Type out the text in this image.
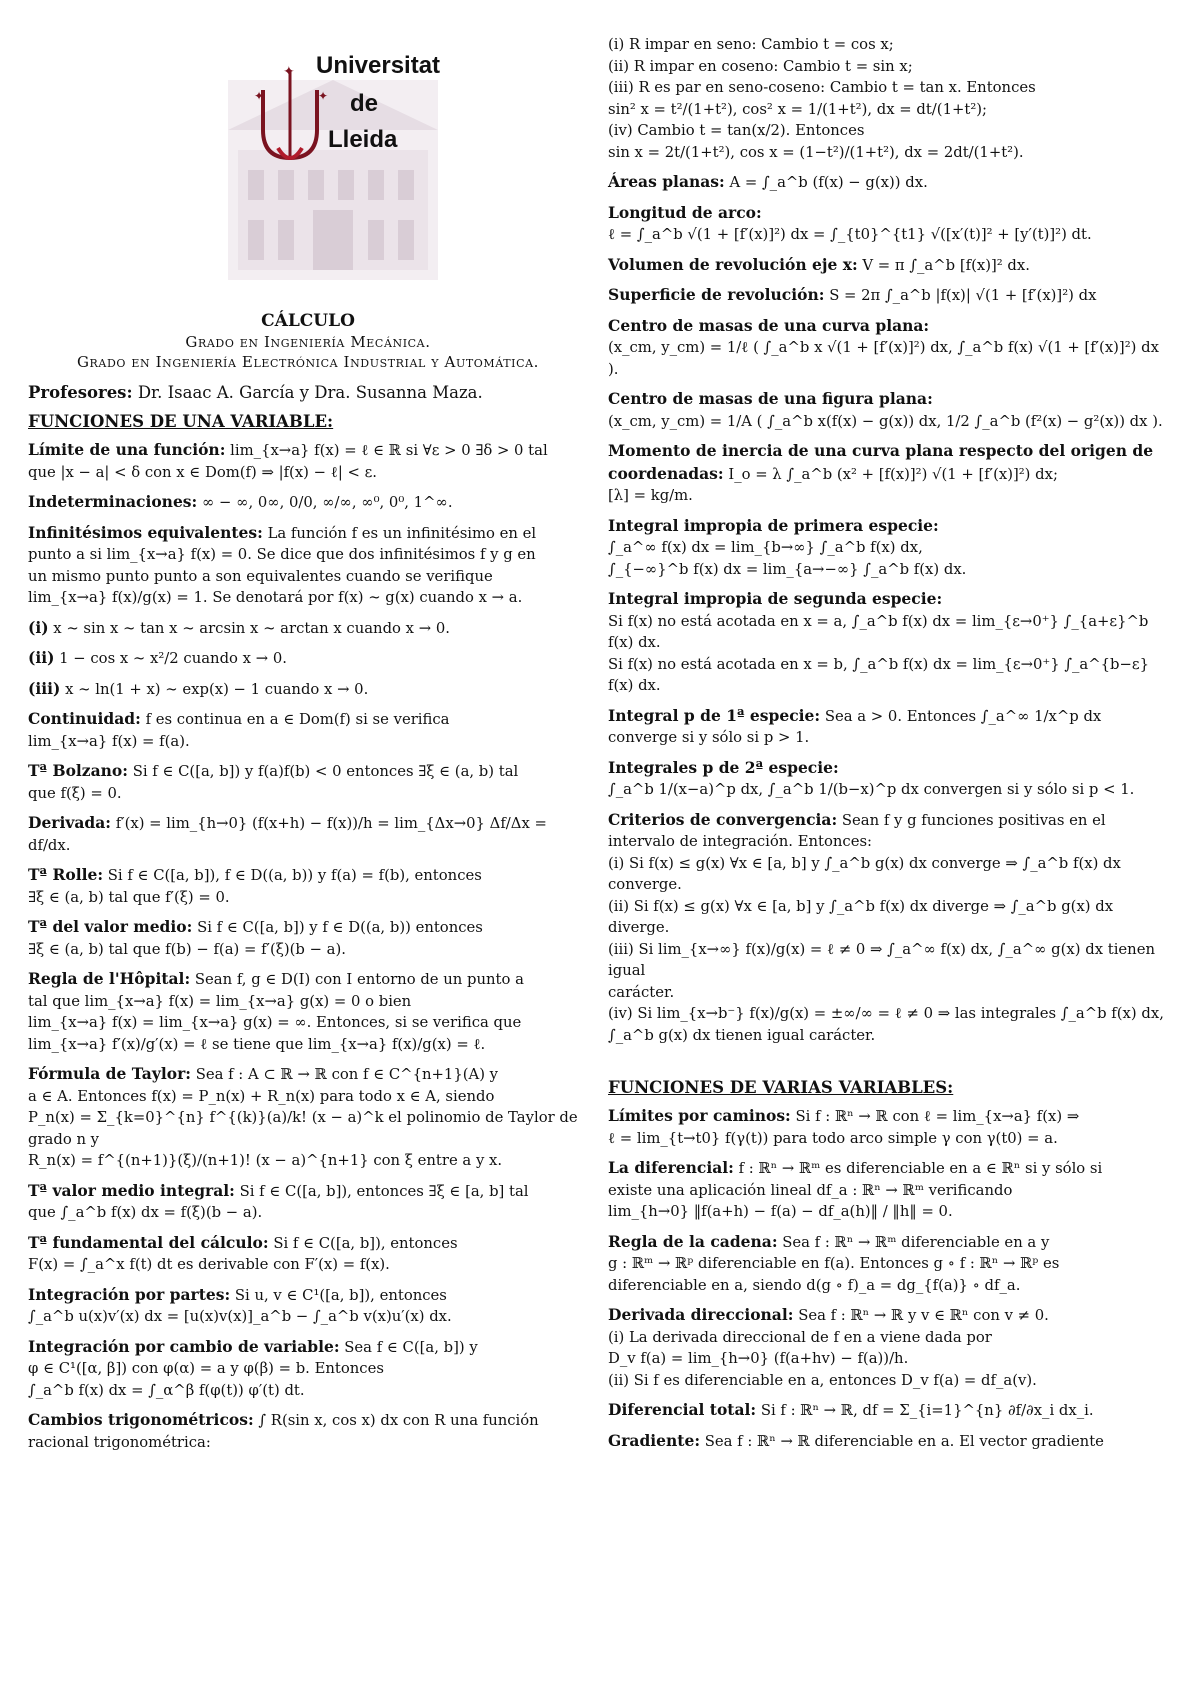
✦
✦	✦
Universitat
de
Lleida

CÁLCULO

Grado en Ingeniería Mecánica.

Grado en Ingeniería Electrónica Industrial y Automática.

Profesores: Dr. Isaac A. García y Dra. Susanna Maza.

FUNCIONES DE UNA VARIABLE:
Límite de una función: lim_{x→a} f(x) = ℓ ∈ ℝ si ∀ε > 0 ∃δ > 0 tal
que |x − a| < δ con x ∈ Dom(f) ⇒ |f(x) − ℓ| < ε.
Indeterminaciones: ∞ − ∞, 0∞, 0/0, ∞/∞, ∞⁰, 0⁰, 1^∞.
Infinitésimos equivalentes: La función f es un infinitésimo en el
punto a si lim_{x→a} f(x) = 0. Se dice que dos infinitésimos f y g en
un mismo punto punto a son equivalentes cuando se verifique
lim_{x→a} f(x)/g(x) = 1. Se denotará por f(x) ∼ g(x) cuando x → a.
(i) x ∼ sin x ∼ tan x ∼ arcsin x ∼ arctan x cuando x → 0.
(ii) 1 − cos x ∼ x²/2 cuando x → 0.
(iii) x ∼ ln(1 + x) ∼ exp(x) − 1 cuando x → 0.
Continuidad: f es continua en a ∈ Dom(f) si se verifica
lim_{x→a} f(x) = f(a).
Tª Bolzano: Si f ∈ C([a, b]) y f(a)f(b) < 0 entonces ∃ξ ∈ (a, b) tal
que f(ξ) = 0.
Derivada: f′(x) = lim_{h→0} (f(x+h) − f(x))/h = lim_{Δx→0} Δf/Δx = df/dx.
Tª Rolle: Si f ∈ C([a, b]), f ∈ D((a, b)) y f(a) = f(b), entonces
∃ξ ∈ (a, b) tal que f′(ξ) = 0.
Tª del valor medio: Si f ∈ C([a, b]) y f ∈ D((a, b)) entonces
∃ξ ∈ (a, b) tal que f(b) − f(a) = f′(ξ)(b − a).
Regla de l'Hôpital: Sean f, g ∈ D(I) con I entorno de un punto a
tal que lim_{x→a} f(x) = lim_{x→a} g(x) = 0 o bien
lim_{x→a} f(x) = lim_{x→a} g(x) = ∞. Entonces, si se verifica que
lim_{x→a} f′(x)/g′(x) = ℓ se tiene que lim_{x→a} f(x)/g(x) = ℓ.
Fórmula de Taylor: Sea f : A ⊂ ℝ → ℝ con f ∈ C^{n+1}(A) y
a ∈ A. Entonces f(x) = P_n(x) + R_n(x) para todo x ∈ A, siendo
P_n(x) = Σ_{k=0}^{n} f^{(k)}(a)/k! (x − a)^k el polinomio de Taylor de grado n y
R_n(x) = f^{(n+1)}(ξ)/(n+1)! (x − a)^{n+1} con ξ entre a y x.
Tª valor medio integral: Si f ∈ C([a, b]), entonces ∃ξ ∈ [a, b] tal
que ∫_a^b f(x) dx = f(ξ)(b − a).
Tª fundamental del cálculo: Si f ∈ C([a, b]), entonces
F(x) = ∫_a^x f(t) dt es derivable con F′(x) = f(x).
Integración por partes: Si u, v ∈ C¹([a, b]), entonces
∫_a^b u(x)v′(x) dx = [u(x)v(x)]_a^b − ∫_a^b v(x)u′(x) dx.
Integración por cambio de variable: Sea f ∈ C([a, b]) y
φ ∈ C¹([α, β]) con φ(α) = a y φ(β) = b. Entonces
∫_a^b f(x) dx = ∫_α^β f(φ(t)) φ′(t) dt.
Cambios trigonométricos: ∫ R(sin x, cos x) dx con R una función
racional trigonométrica:
(i) R impar en seno: Cambio t = cos x;
(ii) R impar en coseno: Cambio t = sin x;
(iii) R es par en seno-coseno: Cambio t = tan x. Entonces
sin² x = t²/(1+t²), cos² x = 1/(1+t²), dx = dt/(1+t²);
(iv) Cambio t = tan(x/2). Entonces
sin x = 2t/(1+t²), cos x = (1−t²)/(1+t²), dx = 2dt/(1+t²).
Áreas planas: A = ∫_a^b (f(x) − g(x)) dx.
Longitud de arco:
ℓ = ∫_a^b √(1 + [f′(x)]²) dx = ∫_{t0}^{t1} √([x′(t)]² + [y′(t)]²) dt.
Volumen de revolución eje x: V = π ∫_a^b [f(x)]² dx.
Superficie de revolución: S = 2π ∫_a^b |f(x)| √(1 + [f′(x)]²) dx
Centro de masas de una curva plana:
(x_cm, y_cm) = 1/ℓ ( ∫_a^b x √(1 + [f′(x)]²) dx, ∫_a^b f(x) √(1 + [f′(x)]²) dx ).
Centro de masas de una figura plana:
(x_cm, y_cm) = 1/A ( ∫_a^b x(f(x) − g(x)) dx, 1/2 ∫_a^b (f²(x) − g²(x)) dx ).
Momento de inercia de una curva plana respecto del origen de coordenadas: I_o = λ ∫_a^b (x² + [f(x)]²) √(1 + [f′(x)]²) dx;
[λ] = kg/m.
Integral impropia de primera especie:
∫_a^∞ f(x) dx = lim_{b→∞} ∫_a^b f(x) dx,
∫_{−∞}^b f(x) dx = lim_{a→−∞} ∫_a^b f(x) dx.
Integral impropia de segunda especie:
Si f(x) no está acotada en x = a, ∫_a^b f(x) dx = lim_{ε→0⁺} ∫_{a+ε}^b f(x) dx.
Si f(x) no está acotada en x = b, ∫_a^b f(x) dx = lim_{ε→0⁺} ∫_a^{b−ε} f(x) dx.
Integral p de 1ª especie: Sea a > 0. Entonces ∫_a^∞ 1/x^p dx
converge si y sólo si p > 1.
Integrales p de 2ª especie:
∫_a^b 1/(x−a)^p dx, ∫_a^b 1/(b−x)^p dx convergen si y sólo si p < 1.
Criterios de convergencia: Sean f y g funciones positivas en el
intervalo de integración. Entonces:
(i) Si f(x) ≤ g(x) ∀x ∈ [a, b] y ∫_a^b g(x) dx converge ⇒ ∫_a^b f(x) dx
converge.
(ii) Si f(x) ≤ g(x) ∀x ∈ [a, b] y ∫_a^b f(x) dx diverge ⇒ ∫_a^b g(x) dx
diverge.
(iii) Si lim_{x→∞} f(x)/g(x) = ℓ ≠ 0 ⇒ ∫_a^∞ f(x) dx, ∫_a^∞ g(x) dx tienen igual
carácter.
(iv) Si lim_{x→b⁻} f(x)/g(x) = ±∞/∞ = ℓ ≠ 0 ⇒ las integrales ∫_a^b f(x) dx,
∫_a^b g(x) dx tienen igual carácter.
FUNCIONES DE VARIAS VARIABLES:
Límites por caminos: Si f : ℝⁿ → ℝ con ℓ = lim_{x→a} f(x) ⇒
ℓ = lim_{t→t0} f(γ(t)) para todo arco simple γ con γ(t0) = a.
La diferencial: f : ℝⁿ → ℝᵐ es diferenciable en a ∈ ℝⁿ si y sólo si
existe una aplicación lineal df_a : ℝⁿ → ℝᵐ verificando
lim_{h→0} ‖f(a+h) − f(a) − df_a(h)‖ / ‖h‖ = 0.
Regla de la cadena: Sea f : ℝⁿ → ℝᵐ diferenciable en a y
g : ℝᵐ → ℝᵖ diferenciable en f(a). Entonces g ∘ f : ℝⁿ → ℝᵖ es
diferenciable en a, siendo d(g ∘ f)_a = dg_{f(a)} ∘ df_a.
Derivada direccional: Sea f : ℝⁿ → ℝ y v ∈ ℝⁿ con v ≠ 0.
(i) La derivada direccional de f en a viene dada por
D_v f(a) = lim_{h→0} (f(a+hv) − f(a))/h.
(ii) Si f es diferenciable en a, entonces D_v f(a) = df_a(v).
Diferencial total: Si f : ℝⁿ → ℝ, df = Σ_{i=1}^{n} ∂f/∂x_i dx_i.
Gradiente: Sea f : ℝⁿ → ℝ diferenciable en a. El vector gradiente
